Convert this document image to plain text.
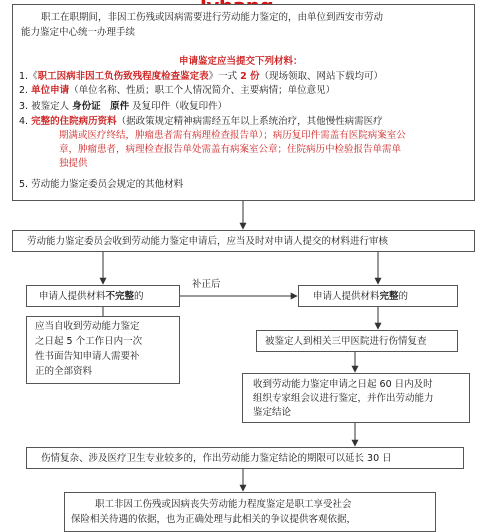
职工在职期间，非因工伤残或因病需要进行劳动能力鉴定的，由单位到西安市劳动
能力鉴定中心统一办理手续
申请鉴定应当提交下列材料：
1.《职工因病非因工负伤致残程度检查鉴定表》一式 2 份（现场领取、网站下载均可）
2. 单位申请（单位名称、性质；职工个人情况简介、主要病情；单位意见）
3. 被鉴定人 身份证　原件 及复印件（收复印件）
4. 完整的住院病历资料（据政策规定精神病需经五年以上系统治疗，其他慢性病需医疗
期满或医疗终结，肿瘤患者需有病理检查报告单）；病历复印件需盖有医院病案室公
章，肿瘤患者，病理检查报告单处需盖有病案室公章；住院病历中检验报告单需单
独提供
5. 劳动能力鉴定委员会规定的其他材料
劳动能力鉴定委员会收到劳动能力鉴定申请后，应当及时对申请人提交的材料进行审核
申请人提供材料不完整的
补正后
申请人提供材料完整的
应当自收到劳动能力鉴定
之日起 5 个工作日内一次
性书面告知申请人需要补
正的全部资料
被鉴定人到相关三甲医院进行伤情复查
收到劳动能力鉴定申请之日起 60 日内及时
组织专家组会议进行鉴定，并作出劳动能力
鉴定结论
伤情复杂、涉及医疗卫生专业较多的，作出劳动能力鉴定结论的期限可以延长 30 日
职工非因工伤残或因病丧失劳动能力程度鉴定是职工享受社会
保险相关待遇的依据，也为正确处理与此相关的争议提供客观依据，
